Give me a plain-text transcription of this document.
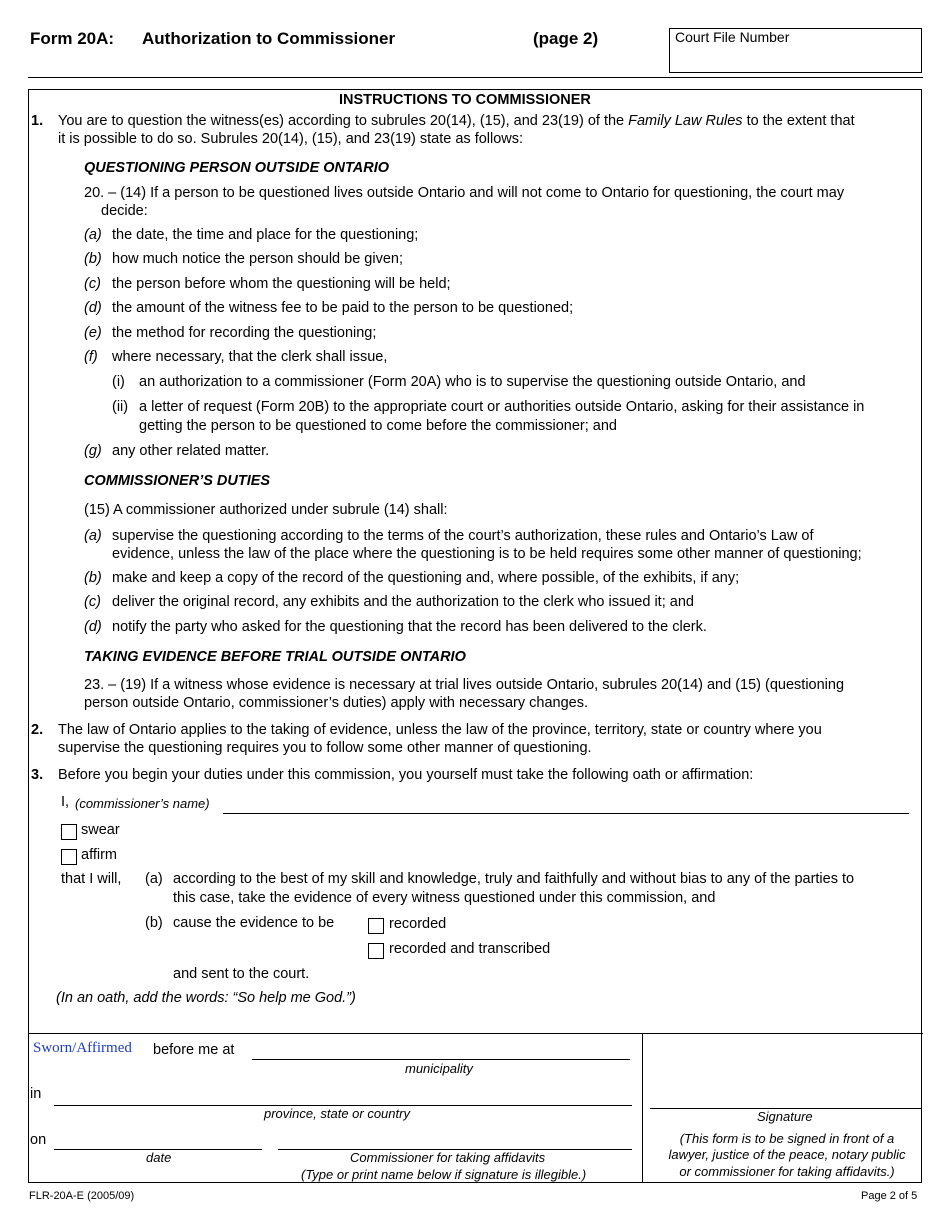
Form 20A: Authorization to Commissioner	(page 2)	Court File Number
INSTRUCTIONS TO COMMISSIONER
1. You are to question the witness(es) according to subrules 20(14), (15), and 23(19) of the Family Law Rules to the extent that
it is possible to do so. Subrules 20(14), (15), and 23(19) state as follows:
QUESTIONING PERSON OUTSIDE ONTARIO
20. – (14) If a person to be questioned lives outside Ontario and will not come to Ontario for questioning, the court may
decide:
(a) the date, the time and place for the questioning;
(b) how much notice the person should be given;
(c) the person before whom the questioning will be held;
(d) the amount of the witness fee to be paid to the person to be questioned;
(e) the method for recording the questioning;
(f) where necessary, that the clerk shall issue,
(i) an authorization to a commissioner (Form 20A) who is to supervise the questioning outside Ontario, and
(ii) a letter of request (Form 20B) to the appropriate court or authorities outside Ontario, asking for their assistance in
getting the person to be questioned to come before the commissioner; and
(g) any other related matter.
COMMISSIONER’S DUTIES
(15) A commissioner authorized under subrule (14) shall:
(a) supervise the questioning according to the terms of the court’s authorization, these rules and Ontario’s Law of
evidence, unless the law of the place where the questioning is to be held requires some other manner of questioning;
(b) make and keep a copy of the record of the questioning and, where possible, of the exhibits, if any;
(c) deliver the original record, any exhibits and the authorization to the clerk who issued it; and
(d) notify the party who asked for the questioning that the record has been delivered to the clerk.
TAKING EVIDENCE BEFORE TRIAL OUTSIDE ONTARIO
23. – (19) If a witness whose evidence is necessary at trial lives outside Ontario, subrules 20(14) and (15) (questioning
person outside Ontario, commissioner’s duties) apply with necessary changes.
2. The law of Ontario applies to the taking of evidence, unless the law of the province, territory, state or country where you
supervise the questioning requires you to follow some other manner of questioning.
3. Before you begin your duties under this commission, you yourself must take the following oath or affirmation:
I, (commissioner’s name)
swear
affirm
that I will, (a) according to the best of my skill and knowledge, truly and faithfully and without bias to any of the parties to
this case, take the evidence of every witness questioned under this commission, and
(b) cause the evidence to be	recorded
recorded and transcribed
and sent to the court.
(In an oath, add the words: “So help me God.”)
Sworn/Affirmed before me at
municipality
in
province, state or country
on
date	Commissioner for taking affidavits
(Type or print name below if signature is illegible.)
Signature
(This form is to be signed in front of a
lawyer, justice of the peace, notary public
or commissioner for taking affidavits.)
FLR-20A-E (2005/09)	Page 2 of 5
